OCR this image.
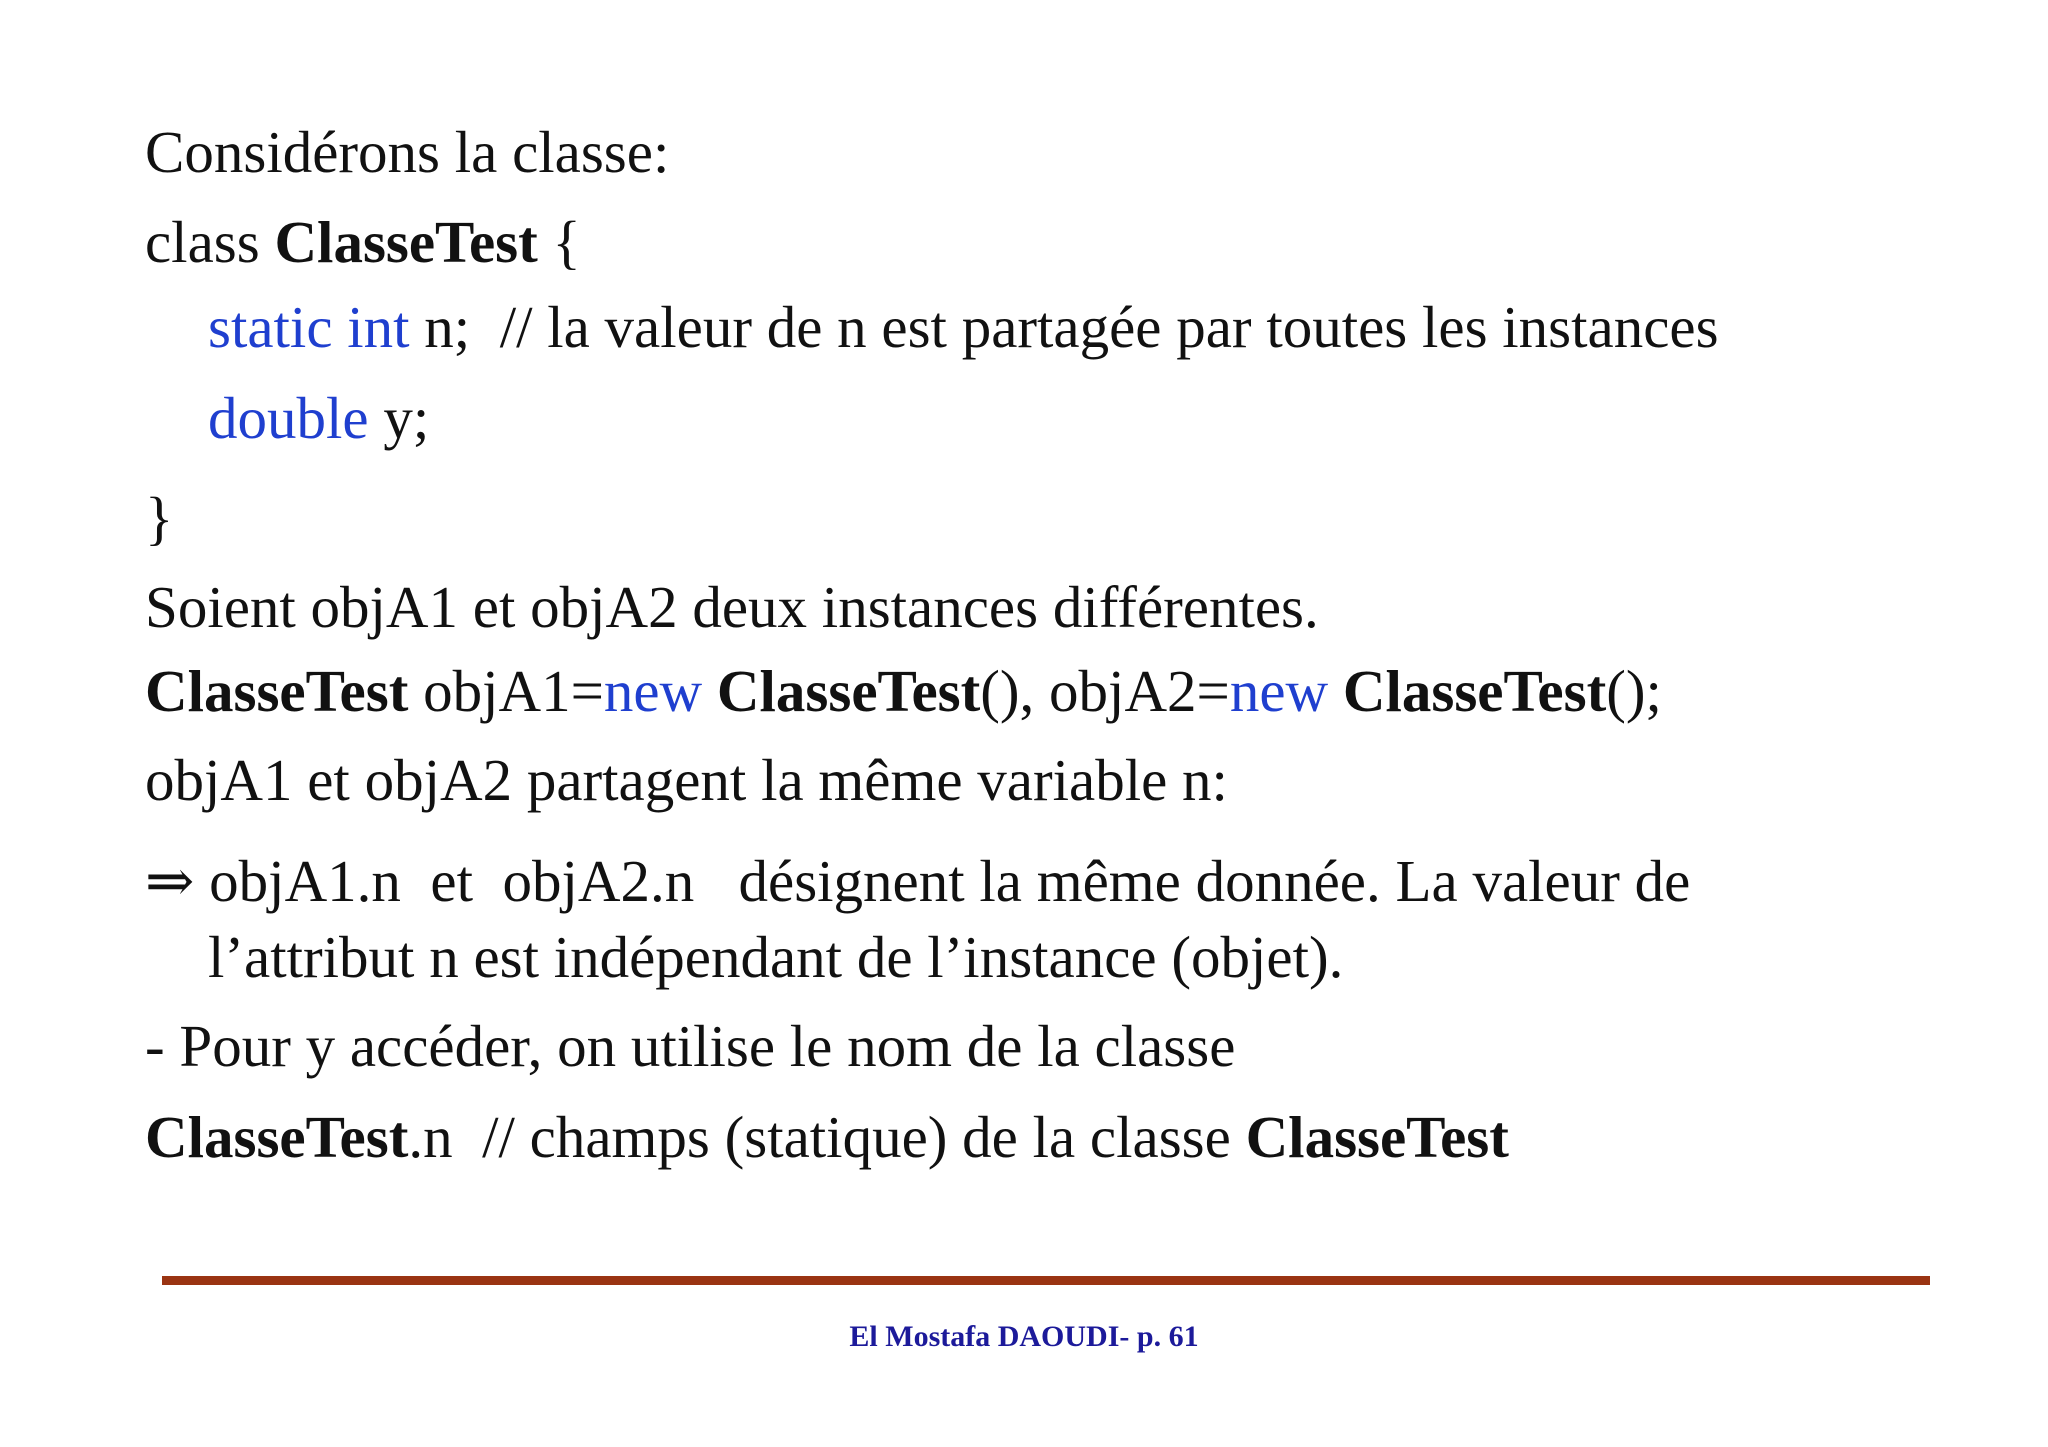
Considérons la classe:
class ClasseTest {
static int n;  // la valeur de n est partagée par toutes les instances
double y;
}
Soient objA1 et objA2 deux instances différentes.
ClasseTest objA1=new ClasseTest(), objA2=new ClasseTest();
objA1 et objA2 partagent la même variable n:
⇒ objA1.n  et  objA2.n   désignent la même donnée. La valeur de
l’attribut n est indépendant de l’instance (objet).
- Pour y accéder, on utilise le nom de la classe
ClasseTest.n  // champs (statique) de la classe ClasseTest
El Mostafa DAOUDI- p. 61
